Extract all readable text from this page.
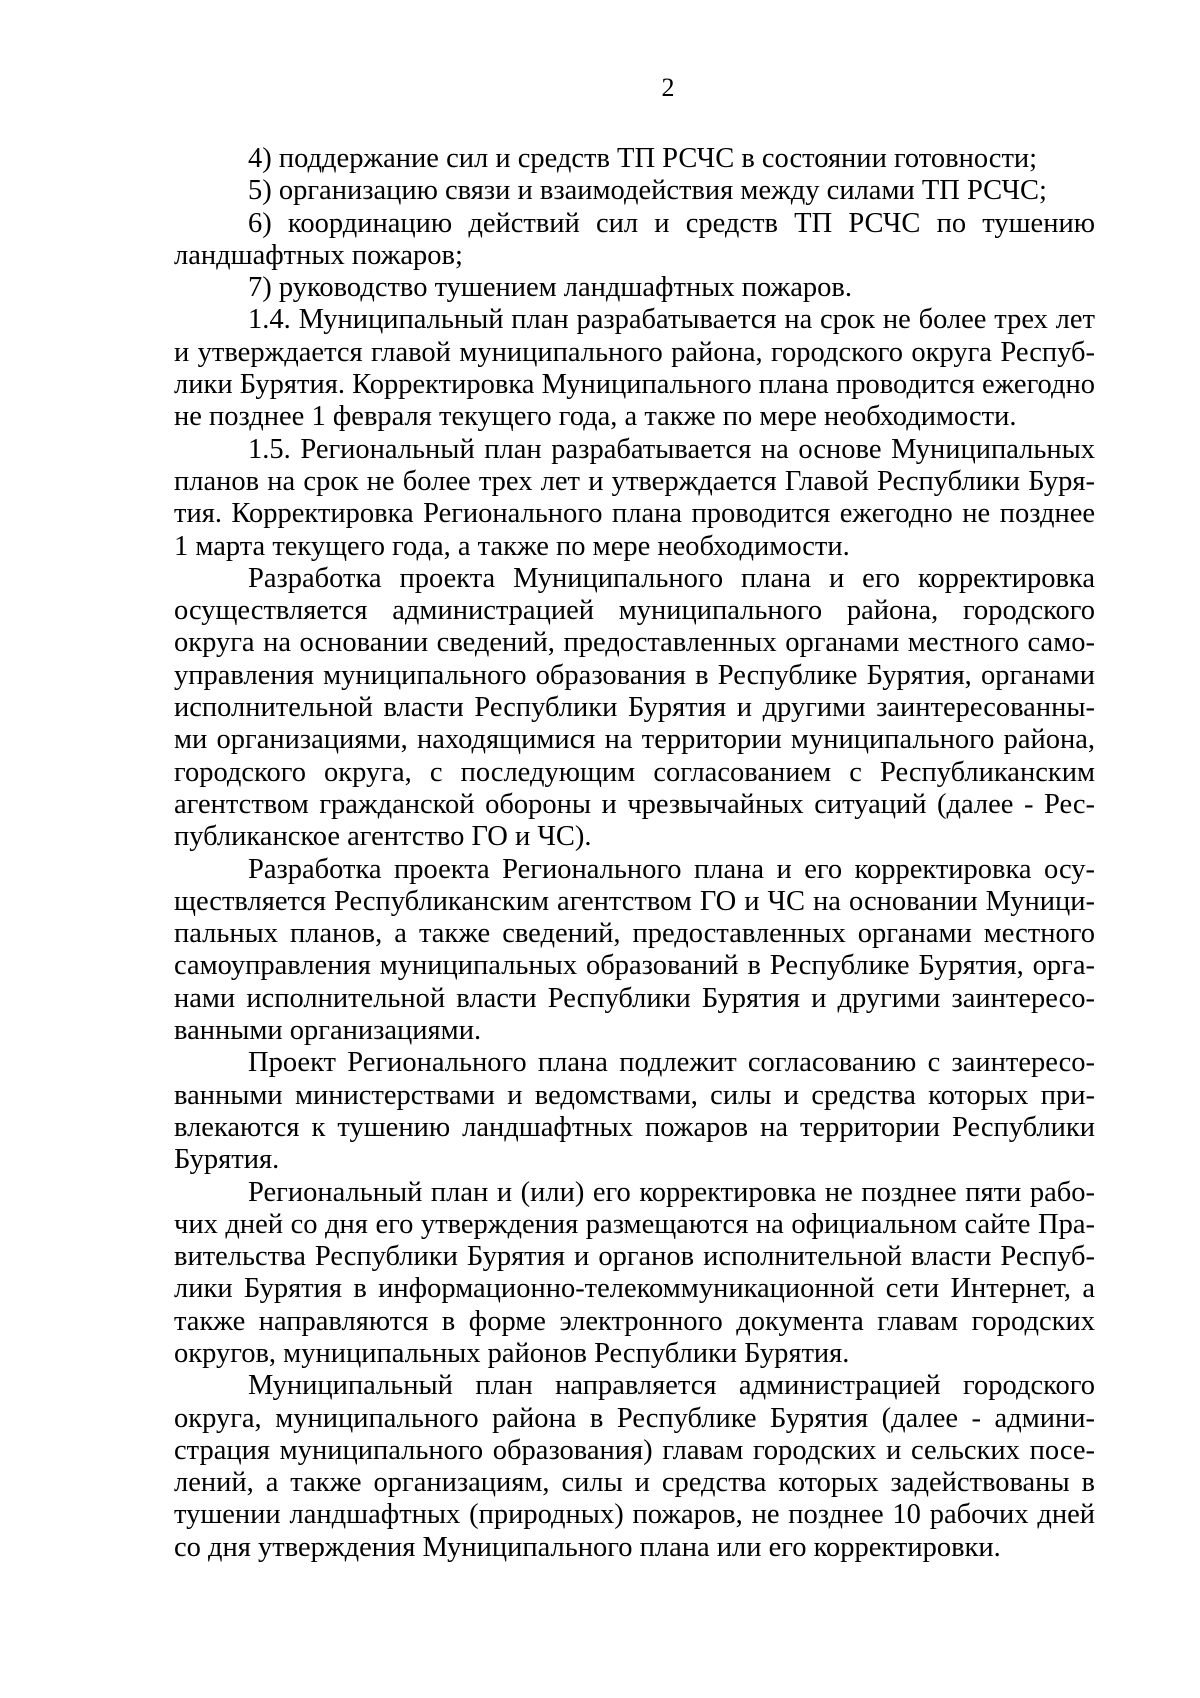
2

4) поддержание сил и средств ТП РСЧС в состоянии готовности;

5) организацию связи и взаимодействия между силами ТП РСЧС;

6) координацию действий сил и средств ТП РСЧС по тушению ландшафтных пожаров;

7) руководство тушением ландшафтных пожаров.

1.4. Муниципальный план разрабатывается на срок не более трех лет и утверждается главой муниципального района, городского округа Республики Бурятия. Корректировка Муниципального плана проводится ежегодно не позднее 1 февраля текущего года, а также по мере необходимости.

1.5. Региональный план разрабатывается на основе Муниципальных планов на срок не более трех лет и утверждается Главой Республики Бурятия. Корректировка Регионального плана проводится ежегодно не позднее 1 марта текущего года, а также по мере необходимости.

Разработка проекта Муниципального плана и его корректировка осуществляется администрацией муниципального района, городского округа на основании сведений, предоставленных органами местного самоуправления муниципального образования в Республике Бурятия, органами исполнительной власти Республики Бурятия и другими заинтересованными организациями, находящимися на территории муниципального района, городского округа, с последующим согласованием с Республиканским агентством гражданской обороны и чрезвычайных ситуаций (далее - Республиканское агентство ГО и ЧС).

Разработка проекта Регионального плана и его корректировка осуществляется Республиканским агентством ГО и ЧС на основании Муниципальных планов, а также сведений, предоставленных органами местного самоуправления муниципальных образований в Республике Бурятия, органами исполнительной власти Республики Бурятия и другими заинтересованными организациями.

Проект Регионального плана подлежит согласованию с заинтересованными министерствами и ведомствами, силы и средства которых привлекаются к тушению ландшафтных пожаров на территории Республики Бурятия.

Региональный план и (или) его корректировка не позднее пяти рабочих дней со дня его утверждения размещаются на официальном сайте Правительства Республики Бурятия и органов исполнительной власти Республики Бурятия в информационно-телекоммуникационной сети Интернет, а также направляются в форме электронного документа главам городских округов, муниципальных районов Республики Бурятия.

Муниципальный план направляется администрацией городского округа, муниципального района в Республике Бурятия (далее - администрация муниципального образования) главам городских и сельских поселений, а также организациям, силы и средства которых задействованы в тушении ландшафтных (природных) пожаров, не позднее 10 рабочих дней со дня утверждения Муниципального плана или его корректировки.
